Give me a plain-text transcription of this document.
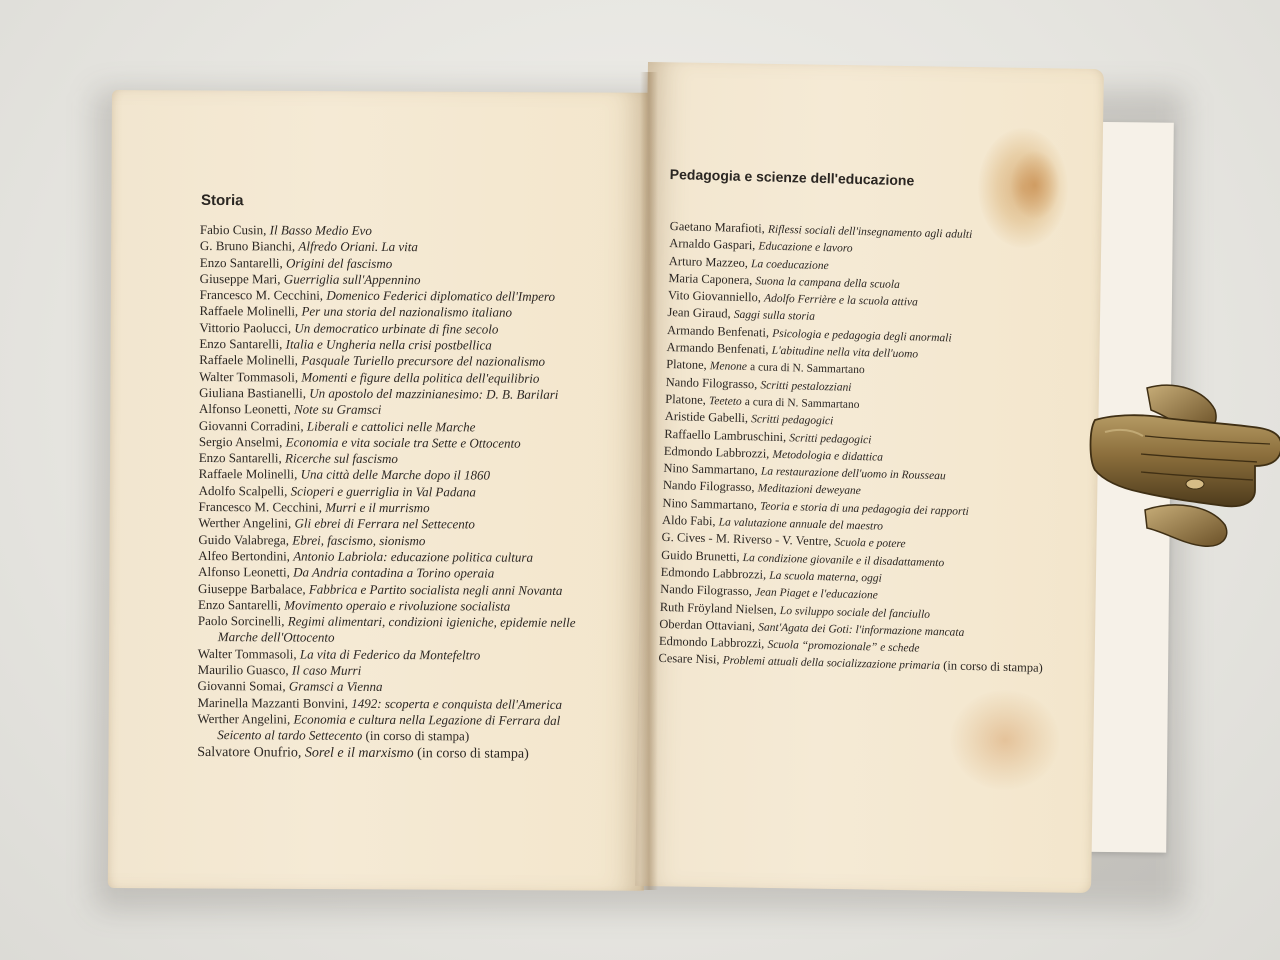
Storia
Fabio Cusin, Il Basso Medio Evo
G. Bruno Bianchi, Alfredo Oriani. La vita
Enzo Santarelli, Origini del fascismo
Giuseppe Mari, Guerriglia sull'Appennino
Francesco M. Cecchini, Domenico Federici diplomatico dell'Impero
Raffaele Molinelli, Per una storia del nazionalismo italiano
Vittorio Paolucci, Un democratico urbinate di fine secolo
Enzo Santarelli, Italia e Ungheria nella crisi postbellica
Raffaele Molinelli, Pasquale Turiello precursore del nazionalismo
Walter Tommasoli, Momenti e figure della politica dell'equilibrio
Giuliana Bastianelli, Un apostolo del mazzinianesimo: D. B. Barilari
Alfonso Leonetti, Note su Gramsci
Giovanni Corradini, Liberali e cattolici nelle Marche
Sergio Anselmi, Economia e vita sociale tra Sette e Ottocento
Enzo Santarelli, Ricerche sul fascismo
Raffaele Molinelli, Una città delle Marche dopo il 1860
Adolfo Scalpelli, Scioperi e guerriglia in Val Padana
Francesco M. Cecchini, Murri e il murrismo
Werther Angelini, Gli ebrei di Ferrara nel Settecento
Guido Valabrega, Ebrei, fascismo, sionismo
Alfeo Bertondini, Antonio Labriola: educazione politica cultura
Alfonso Leonetti, Da Andria contadina a Torino operaia
Giuseppe Barbalace, Fabbrica e Partito socialista negli anni Novanta
Enzo Santarelli, Movimento operaio e rivoluzione socialista
Paolo Sorcinelli, Regimi alimentari, condizioni igieniche, epidemie nelle
Marche dell'Ottocento
Walter Tommasoli, La vita di Federico da Montefeltro
Maurilio Guasco, Il caso Murri
Giovanni Somai, Gramsci a Vienna
Marinella Mazzanti Bonvini, 1492: scoperta e conquista dell'America
Werther Angelini, Economia e cultura nella Legazione di Ferrara dal
Seicento al tardo Settecento (in corso di stampa)
Salvatore Onufrio, Sorel e il marxismo (in corso di stampa)
Pedagogia e scienze dell'educazione
Gaetano Marafioti, Riflessi sociali dell'insegnamento agli adulti
Arnaldo Gaspari, Educazione e lavoro
Arturo Mazzeo, La coeducazione
Maria Caponera, Suona la campana della scuola
Vito Giovanniello, Adolfo Ferrière e la scuola attiva
Jean Giraud, Saggi sulla storia
Armando Benfenati, Psicologia e pedagogia degli anormali
Armando Benfenati, L'abitudine nella vita dell'uomo
Platone, Menone a cura di N. Sammartano
Nando Filograsso, Scritti pestalozziani
Platone, Teeteto a cura di N. Sammartano
Aristide Gabelli, Scritti pedagogici
Raffaello Lambruschini, Scritti pedagogici
Edmondo Labbrozzi, Metodologia e didattica
Nino Sammartano, La restaurazione dell'uomo in Rousseau
Nando Filograsso, Meditazioni deweyane
Nino Sammartano, Teoria e storia di una pedagogia dei rapporti
Aldo Fabi, La valutazione annuale del maestro
G. Cives - M. Riverso - V. Ventre, Scuola e potere
Guido Brunetti, La condizione giovanile e il disadattamento
Edmondo Labbrozzi, La scuola materna, oggi
Nando Filograsso, Jean Piaget e l'educazione
Ruth Fröyland Nielsen, Lo sviluppo sociale del fanciullo
Oberdan Ottaviani, Sant'Agata dei Goti: l'informazione mancata
Edmondo Labbrozzi, Scuola “promozionale” e schede
Cesare Nisi, Problemi attuali della socializzazione primaria (in corso di stampa)
